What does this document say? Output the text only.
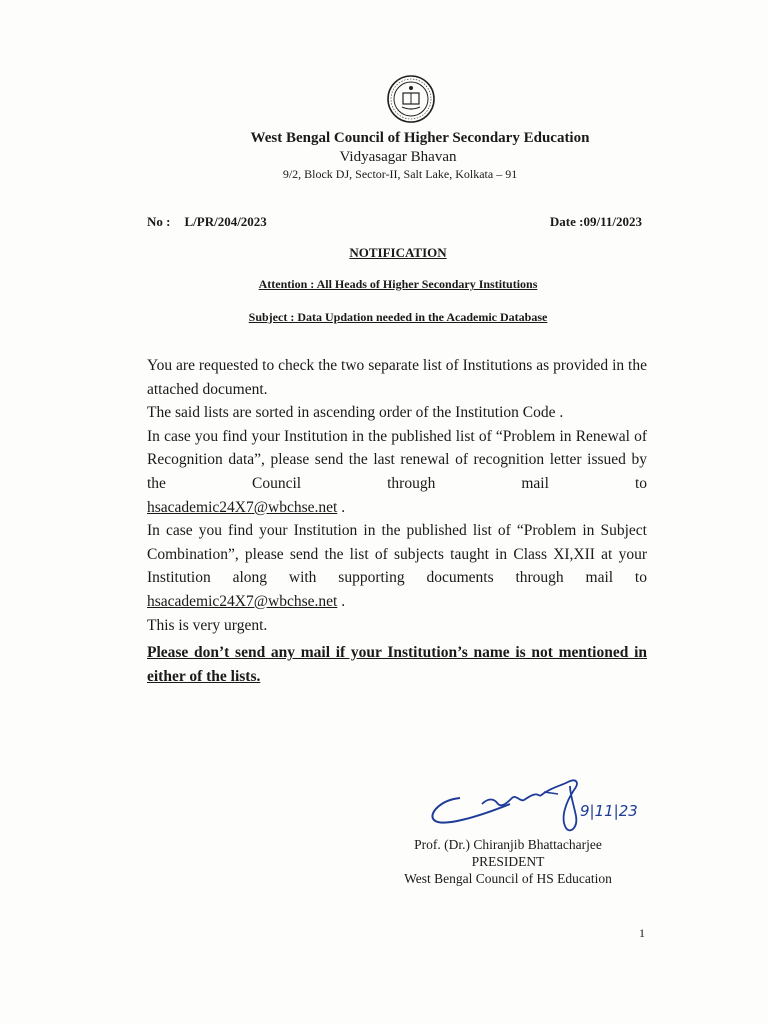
West Bengal Council of Higher Secondary Education
Vidyasagar Bhavan
9/2, Block DJ, Sector-II, Salt Lake, Kolkata – 91
No : L/PR/204/2023	Date :09/11/2023
NOTIFICATION
Attention : All Heads of Higher Secondary Institutions
Subject : Data Updation needed in the Academic Database

You are requested to check the two separate list of Institutions as provided in the attached document.

The said lists are sorted in ascending order of the Institution Code .

In case you find your Institution in the published list of “Problem in Renewal of Recognition data”, please send the last renewal of recognition letter issued by the Council through mail to

hsacademic24X7@wbchse.net .

In case you find your Institution in the published list of “Problem in Subject Combination”, please send the list of subjects taught in Class XI,XII at your Institution along with supporting documents through mail to hsacademic24X7@wbchse.net .

This is very urgent.

Please don’t send any mail if your Institution’s name is not mentioned in either of the lists.

9|11|23
Prof. (Dr.) Chiranjib Bhattacharjee
PRESIDENT
West Bengal Council of HS Education
1
